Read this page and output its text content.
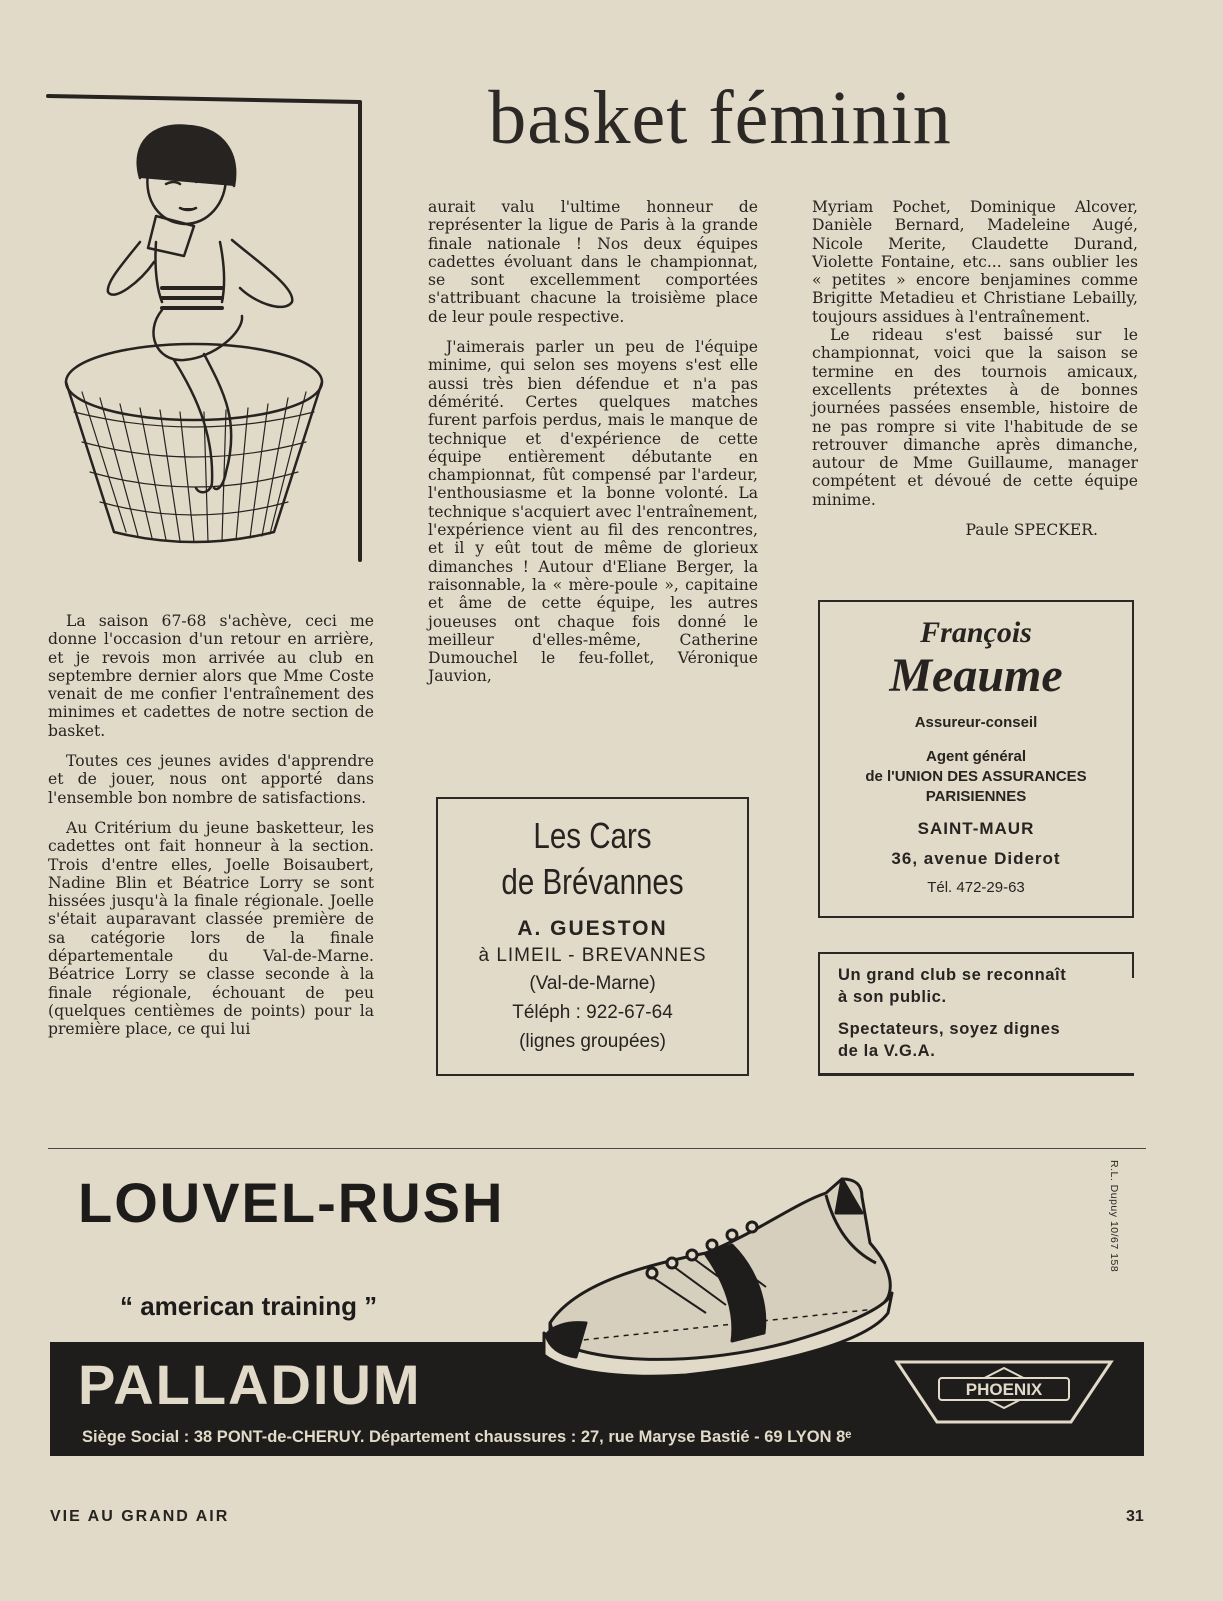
basket féminin

La saison 67-68 s'achève, ceci me donne l'occasion d'un retour en arrière, et je revois mon arrivée au club en septembre dernier alors que Mme Coste venait de me confier l'entraînement des minimes et cadettes de notre section de basket.

Toutes ces jeunes avides d'apprendre et de jouer, nous ont apporté dans l'ensemble bon nombre de satisfactions.

Au Critérium du jeune basketteur, les cadettes ont fait honneur à la section. Trois d'entre elles, Joelle Boisaubert, Nadine Blin et Béatrice Lorry se sont hissées jusqu'à la finale régionale. Joelle s'était auparavant classée première de sa catégorie lors de la finale départementale du Val-de-Marne. Béatrice Lorry se classe seconde à la finale régionale, échouant de peu (quelques centièmes de points) pour la première place, ce qui lui

aurait valu l'ultime honneur de représenter la ligue de Paris à la grande finale nationale ! Nos deux équipes cadettes évoluant dans le championnat, se sont excellemment comportées s'attribuant chacune la troisième place de leur poule respective.

J'aimerais parler un peu de l'équipe minime, qui selon ses moyens s'est elle aussi très bien défendue et n'a pas démérité. Certes quelques matches furent parfois perdus, mais le manque de technique et d'expérience de cette équipe entièrement débutante en championnat, fût compensé par l'ardeur, l'enthousiasme et la bonne volonté. La technique s'acquiert avec l'entraînement, l'expérience vient au fil des rencontres, et il y eût tout de même de glorieux dimanches ! Autour d'Eliane Berger, la raisonnable, la « mère-poule », capitaine et âme de cette équipe, les autres joueuses ont chaque fois donné le meilleur d'elles-même, Catherine Dumouchel le feu-follet, Véronique Jauvion,

Myriam Pochet, Dominique Alcover, Danièle Bernard, Madeleine Augé, Nicole Merite, Claudette Durand, Violette Fontaine, etc... sans oublier les « petites » encore benjamines comme Brigitte Metadieu et Christiane Lebailly, toujours assidues à l'entraînement.

Le rideau s'est baissé sur le championnat, voici que la saison se termine en des tournois amicaux, excellents prétextes à de bonnes journées passées ensemble, histoire de ne pas rompre si vite l'habitude de se retrouver dimanche après dimanche, autour de Mme Guillaume, manager compétent et dévoué de cette équipe minime.

Paule SPECKER.

Les Cars
de Brévannes
A. GUESTON
à LIMEIL - BREVANNES
(Val-de-Marne)
Téléph : 922-67-64
(lignes groupées)
François
Meaume
Assureur-conseil
Agent général
de l'UNION DES ASSURANCES
PARISIENNES
SAINT-MAUR
36, avenue Diderot
Tél. 472-29-63
Un grand club se reconnaît
à son public.
Spectateurs, soyez dignes
de la V.G.A.
LOUVEL-RUSH
“ american training ”
PALLADIUM
Siège Social : 38 PONT-de-CHERUY. Département chaussures : 27, rue Maryse Bastié - 69 LYON 8ᵉ
PHOENIX
R.L. Dupuy 10/67 158
VIE AU GRAND AIR	31
